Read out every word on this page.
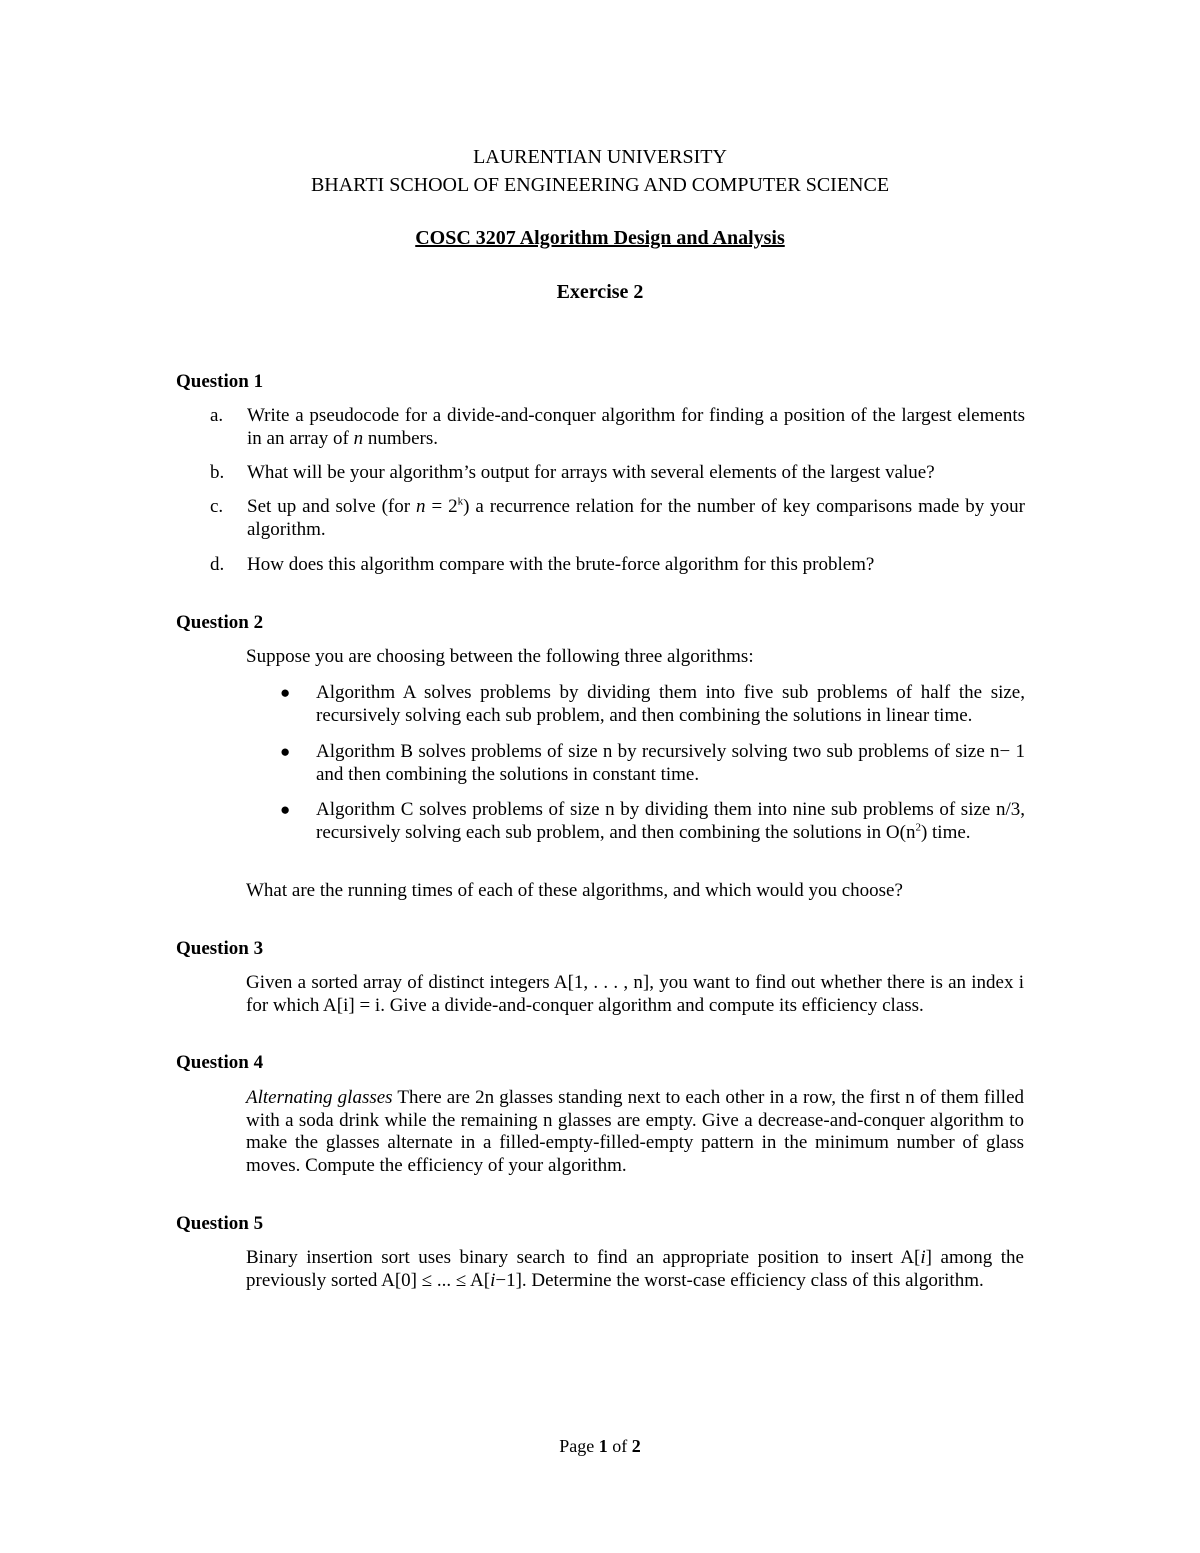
LAURENTIAN UNIVERSITY
BHARTI SCHOOL OF ENGINEERING AND COMPUTER SCIENCE
COSC 3207 Algorithm Design and Analysis
Exercise 2
Question 1
a. Write a pseudocode for a divide-and-conquer algorithm for finding a position of the largest elements in an array of n numbers.
b. What will be your algorithm’s output for arrays with several elements of the largest value?
c. Set up and solve (for $n = 2^k$) a recurrence relation for the number of key comparisons made by your algorithm.
d. How does this algorithm compare with the brute-force algorithm for this problem?
Question 2
Suppose you are choosing between the following three algorithms:
● Algorithm A solves problems by dividing them into five sub problems of half the size, recursively solving each sub problem, and then combining the solutions in linear time.
● Algorithm B solves problems of size n by recursively solving two sub problems of size n− 1 and then combining the solutions in constant time.
● Algorithm C solves problems of size n by dividing them into nine sub problems of size n/3, recursively solving each sub problem, and then combining the solutions in $O(n^2)$ time.
What are the running times of each of these algorithms, and which would you choose?
Question 3
Given a sorted array of distinct integers A[1, . . . , n], you want to find out whether there is an index i for which A[i] = i. Give a divide-and-conquer algorithm and compute its efficiency class.
Question 4
Alternating glasses There are 2n glasses standing next to each other in a row, the first n of them filled with a soda drink while the remaining n glasses are empty. Give a decrease-and-conquer algorithm to make the glasses alternate in a filled-empty-filled-empty pattern in the minimum number of glass moves. Compute the efficiency of your algorithm.
Question 5
Binary insertion sort uses binary search to find an appropriate position to insert A[i] among the previously sorted A[0] ≤ ... ≤ A[i−1]. Determine the worst-case efficiency class of this algorithm.
Page 1 of 2
